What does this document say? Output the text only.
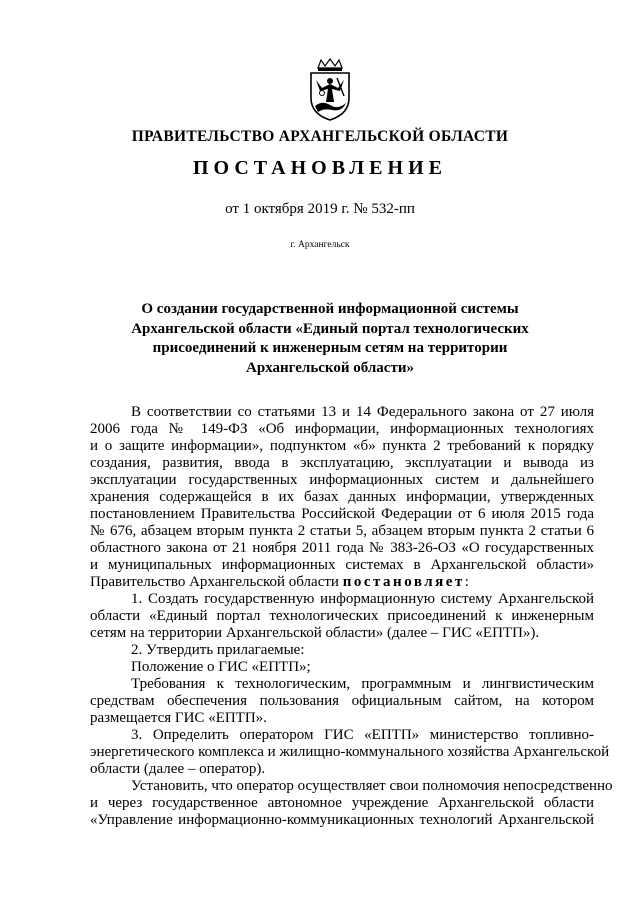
ПРАВИТЕЛЬСТВО АРХАНГЕЛЬСКОЙ ОБЛАСТИ
ПОСТАНОВЛЕНИЕ
от 1 октября 2019 г. № 532-пп
г. Архангельск
О создании государственной информационной системы
Архангельской области «Единый портал технологических
присоединений к инженерным сетям на территории
Архангельской области»
В соответствии со статьями 13 и 14 Федерального закона от 27 июля
2006 года № 149-ФЗ «Об информации, информационных технологиях
и о защите информации», подпунктом «б» пункта 2 требований к порядку
создания, развития, ввода в эксплуатацию, эксплуатации и вывода из
эксплуатации государственных информационных систем и дальнейшего
хранения содержащейся в их базах данных информации, утвержденных
постановлением Правительства Российской Федерации от 6 июля 2015 года
№ 676, абзацем вторым пункта 2 статьи 5, абзацем вторым пункта 2 статьи 6
областного закона от 21 ноября 2011 года № 383-26-ОЗ «О государственных
и муниципальных информационных системах в Архангельской области»
Правительство Архангельской области постановляет:
1. Создать государственную информационную систему Архангельской
области «Единый портал технологических присоединений к инженерным
сетям на территории Архангельской области» (далее – ГИС «ЕПТП»).
2. Утвердить прилагаемые:
Положение о ГИС «ЕПТП»;
Требования к технологическим, программным и лингвистическим
средствам обеспечения пользования официальным сайтом, на котором
размещается ГИС «ЕПТП».
3. Определить оператором ГИС «ЕПТП» министерство топливно-
энергетического комплекса и жилищно-коммунального хозяйства Архангельской
области (далее – оператор).
Установить, что оператор осуществляет свои полномочия непосредственно
и через государственное автономное учреждение Архангельской области
«Управление информационно-коммуникационных технологий Архангельской
